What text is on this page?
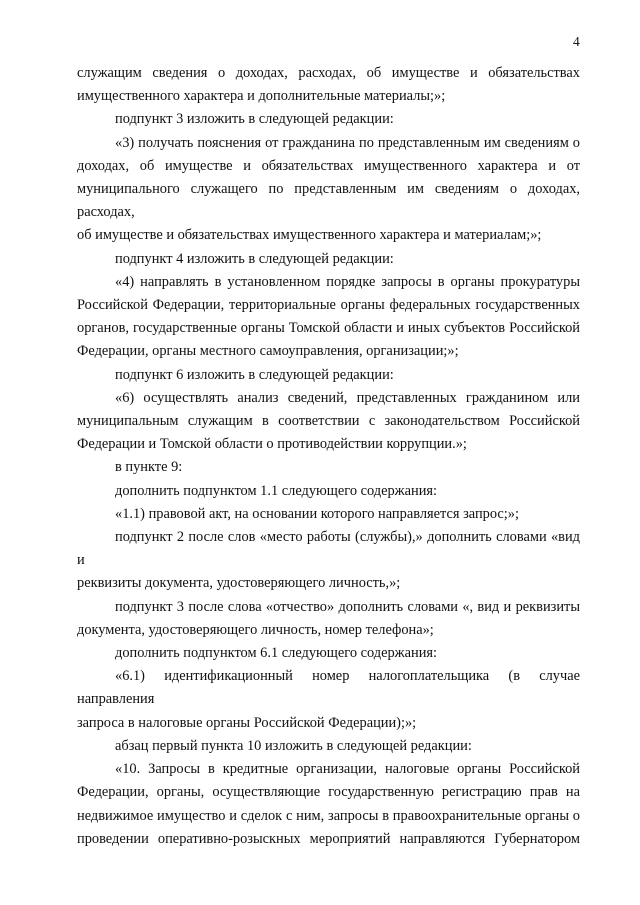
4

служащим сведения о доходах, расходах, об имуществе и обязательствах
имущественного характера и дополнительные материалы;»;

подпункт 3 изложить в следующей редакции:

«3) получать пояснения от гражданина по представленным им сведениям о
доходах, об имуществе и обязательствах имущественного характера и от
муниципального служащего по представленным им сведениям о доходах, расходах,
об имуществе и обязательствах имущественного характера и материалам;»;

подпункт 4 изложить в следующей редакции:

«4) направлять в установленном порядке запросы в органы прокуратуры
Российской Федерации, территориальные органы федеральных государственных
органов, государственные органы Томской области и иных субъектов Российской
Федерации, органы местного самоуправления, организации;»;

подпункт 6 изложить в следующей редакции:

«6) осуществлять анализ сведений, представленных гражданином или
муниципальным служащим в соответствии с законодательством Российской
Федерации и Томской области о противодействии коррупции.»;

в пункте 9:

дополнить подпунктом 1.1 следующего содержания:

«1.1) правовой акт, на основании которого направляется запрос;»;

подпункт 2 после слов «место работы (службы),» дополнить словами «вид и
реквизиты документа, удостоверяющего личность,»;

подпункт 3 после слова «отчество» дополнить словами «, вид и реквизиты
документа, удостоверяющего личность, номер телефона»;

дополнить подпунктом 6.1 следующего содержания:

«6.1) идентификационный номер налогоплательщика (в случае направления
запроса в налоговые органы Российской Федерации);»;

абзац первый пункта 10 изложить в следующей редакции:

«10. Запросы в кредитные организации, налоговые органы Российской
Федерации, органы, осуществляющие государственную регистрацию прав на
недвижимое имущество и сделок с ним, запросы в правоохранительные органы о
проведении оперативно-розыскных мероприятий направляются Губернатором
